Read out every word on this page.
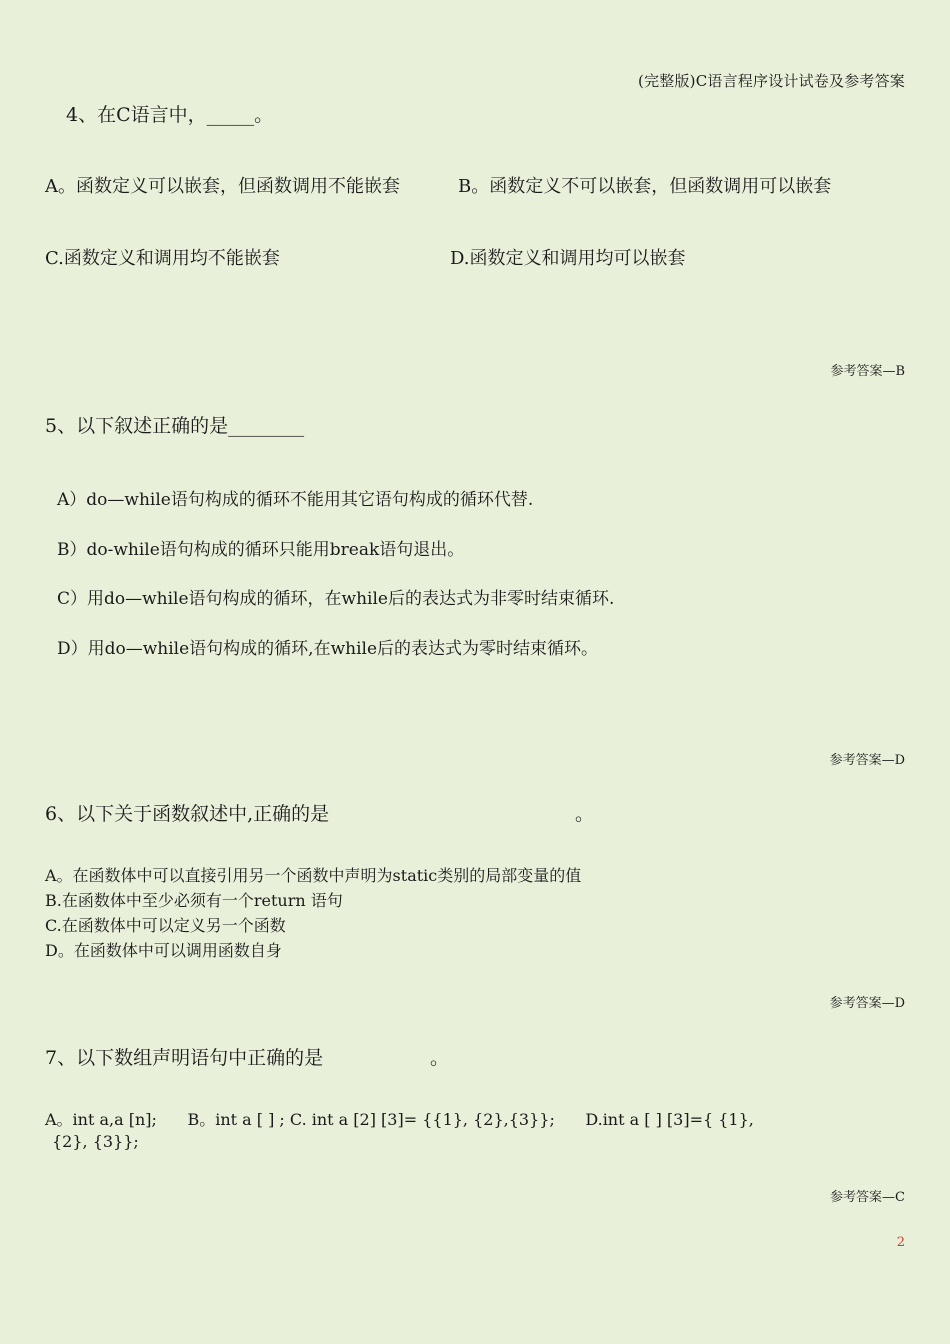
(完整版)C语言程序设计试卷及参考答案
4、在C语言中，_____。
A。函数定义可以嵌套，但函数调用不能嵌套	B。函数定义不可以嵌套，但函数调用可以嵌套
C.函数定义和调用均不能嵌套	D.函数定义和调用均可以嵌套
参考答案—B
5、以下叙述正确的是________
A）do—while语句构成的循环不能用其它语句构成的循环代替.
B）do-while语句构成的循环只能用break语句退出。
C）用do—while语句构成的循环，在while后的表达式为非零时结束循环.
D）用do—while语句构成的循环,在while后的表达式为零时结束循环。
参考答案—D
6、以下关于函数叙述中,正确的是	。
A。在函数体中可以直接引用另一个函数中声明为static类别的局部变量的值
B.在函数体中至少必须有一个return 语句
C.在函数体中可以定义另一个函数
D。在函数体中可以调用函数自身
参考答案—D
7、以下数组声明语句中正确的是	。
A。int a,a [n];      B。int a [ ] ; C. int a [2] [3]= {{1}, {2},{3}};      D.int a [ ] [3]={ {1},
{2}, {3}};
参考答案—C
2
